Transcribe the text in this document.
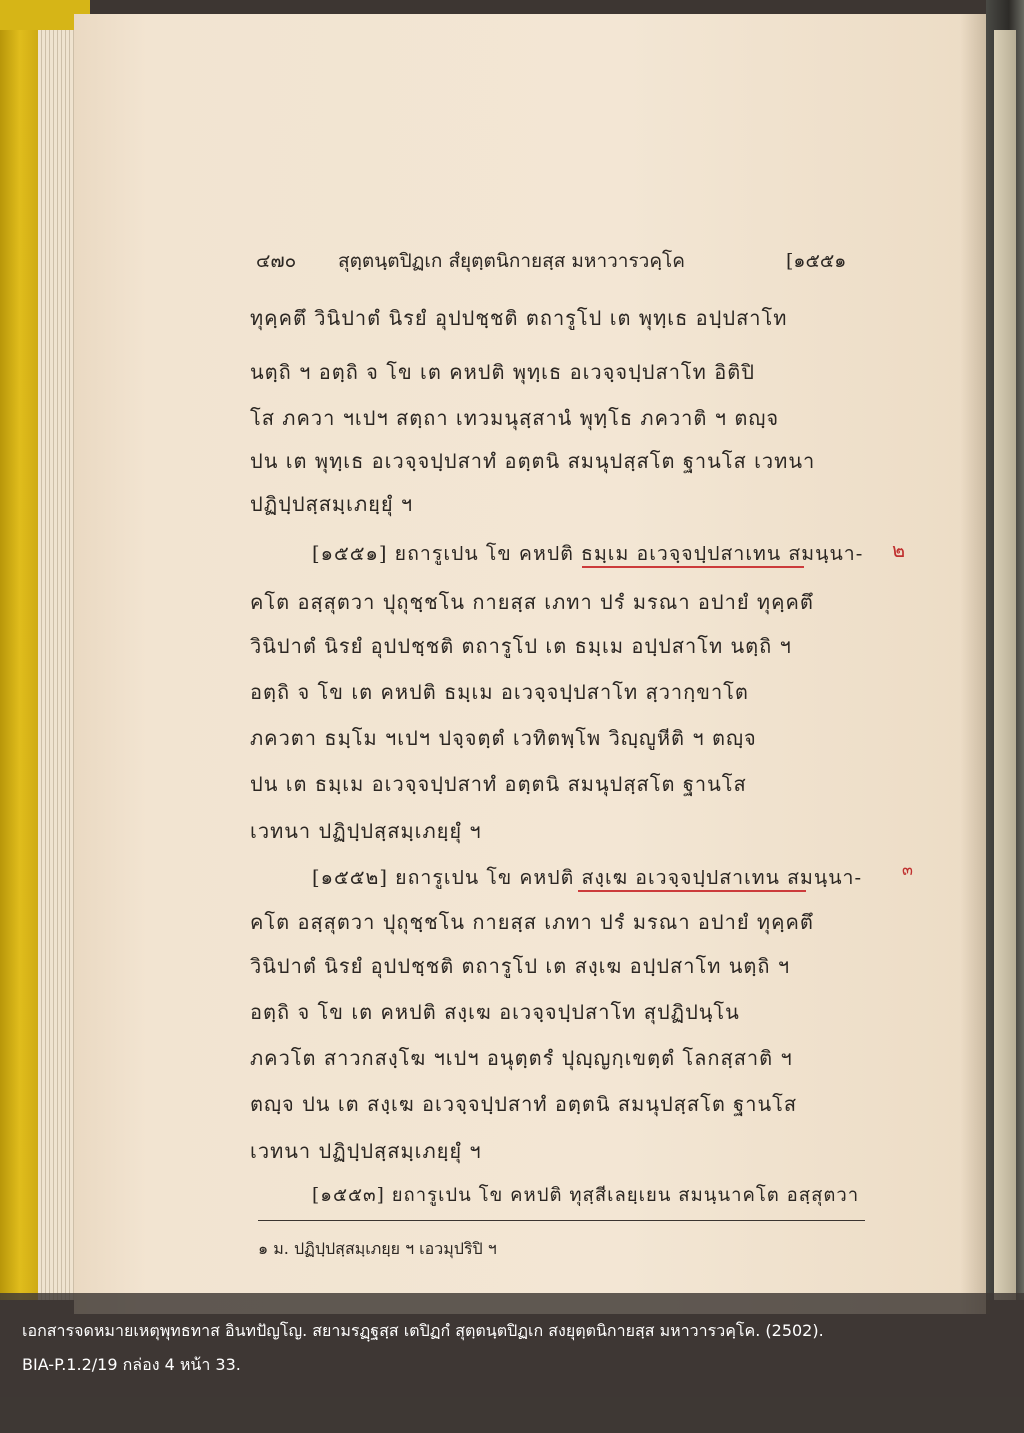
๔๗๐ สุตฺตนฺตปิฏเก สํยุตฺตนิกายสฺส มหาวารวคฺโค	[๑๕๕๑
ทุคฺคตึ วินิปาตํ นิรยํ อุปปชฺชติ ตถารูโป เต พุทฺเธ อปฺปสาโท
นตฺถิ ฯ อตฺถิ จ โข เต คหปติ พุทฺเธ อเวจฺจปฺปสาโท อิติปิ
โส ภควา ฯเปฯ สตฺถา เทวมนุสฺสานํ พุทฺโธ ภควาติ ฯ ตญฺจ
ปน เต พุทฺเธ อเวจฺจปฺปสาทํ อตฺตนิ สมนุปสฺสโต ฐานโส เวทนา
ปฏิปฺปสฺสมฺเภยฺยุํ ฯ
[๑๕๕๑] ยถารูเปน โข คหปติ ธมฺเม อเวจฺจปฺปสาเทน สมนฺนา-
คโต อสฺสุตวา ปุถุชฺชโน กายสฺส เภทา ปรํ มรณา อปายํ ทุคฺคตึ
วินิปาตํ นิรยํ อุปปชฺชติ ตถารูโป เต ธมฺเม อปฺปสาโท นตฺถิ ฯ
อตฺถิ จ โข เต คหปติ ธมฺเม อเวจฺจปฺปสาโท สฺวากฺขาโต
ภควตา ธมฺโม ฯเปฯ ปจฺจตฺตํ เวทิตพฺโพ วิญฺญูหีติ ฯ ตญฺจ
ปน เต ธมฺเม อเวจฺจปฺปสาทํ อตฺตนิ สมนุปสฺสโต ฐานโส
เวทนา ปฏิปฺปสฺสมฺเภยฺยุํ ฯ
[๑๕๕๒] ยถารูเปน โข คหปติ สงฺเฆ อเวจฺจปฺปสาเทน สมนฺนา-
คโต อสฺสุตวา ปุถุชฺชโน กายสฺส เภทา ปรํ มรณา อปายํ ทุคฺคตึ
วินิปาตํ นิรยํ อุปปชฺชติ ตถารูโป เต สงฺเฆ อปฺปสาโท นตฺถิ ฯ
อตฺถิ จ โข เต คหปติ สงฺเฆ อเวจฺจปฺปสาโท สุปฏิปนฺโน
ภควโต สาวกสงฺโฆ ฯเปฯ อนุตฺตรํ ปุญฺญกฺเขตฺตํ โลกสฺสาติ ฯ
ตญฺจ ปน เต สงฺเฆ อเวจฺจปฺปสาทํ อตฺตนิ สมนุปสฺสโต ฐานโส
เวทนา ปฏิปฺปสฺสมฺเภยฺยุํ ฯ
[๑๕๕๓] ยถารูเปน โข คหปติ ทุสฺสีเลยฺเยน สมนฺนาคโต อสฺสุตวา
๒
๓
๑ ม. ปฏิปฺปสฺสมฺเภยฺย ฯ เอวมุปริปิ ฯ
เอกสารจดหมายเหตุพุทธทาส อินทปัญโญ. สยามรฏฺฐสฺส เตปิฏกํ สุตฺตนฺตปิฏเก สงยุตฺตนิกายสฺส มหาวารวคฺโค. (2502).
BIA-P.1.2/19 กล่อง 4 หน้า 33.
